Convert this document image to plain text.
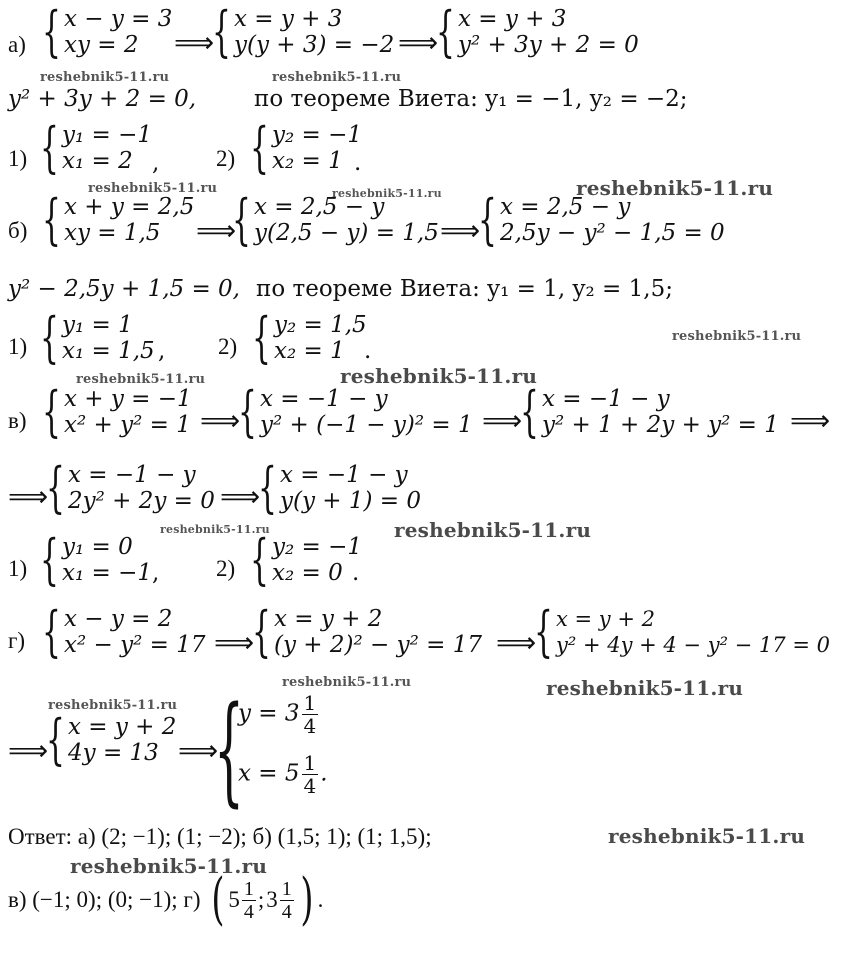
а) { x − y = 3
xy = 2	⟹
{ x = y + 3
y(y + 3) = −2 ⟹
{ x = y + 3
y² + 3y + 2 = 0
reshebnik5-11.ru	reshebnik5-11.ru
y² + 3y + 2 = 0,	по теореме Виета: y₁ = −1, y₂ = −2;
1) { y₁ = −1
x₁ = 2 , 2) { y₂ = −1
x₂ = 1 .
reshebnik5-11.ru	reshebnik5-11.ru	reshebnik5-11.ru
б) { x + y = 2,5
xy = 1,5	⟹
{ x = 2,5 − y
y(2,5 − y) = 1,5 ⟹
{ x = 2,5 − y
2,5y − y² − 1,5 = 0
y² − 2,5y + 1,5 = 0, по теореме Виета: y₁ = 1, y₂ = 1,5;
1) { y₁ = 1
x₁ = 1,5 , 2) { y₂ = 1,5
x₂ = 1 .
reshebnik5-11.ru
reshebnik5-11.ru	reshebnik5-11.ru
в) { x + y = −1
x² + y² = 1 ⟹
{ x = −1 − y
y² + (−1 − y)² = 1 ⟹
{ x = −1 − y
y² + 1 + 2y + y² = 1 ⟹
⟹
{ x = −1 − y
2y² + 2y = 0 ⟹
{ x = −1 − y
y(y + 1) = 0
reshebnik5-11.ru	reshebnik5-11.ru
1) { y₁ = 0
x₁ = −1 , 2) { y₂ = −1
x₂ = 0 .
г) { x − y = 2
x² − y² = 17 ⟹
{ x = y + 2
(y + 2)² − y² = 17 ⟹
{ x = y + 2
y² + 4y + 4 − y² − 17 = 0
reshebnik5-11.ru	reshebnik5-11.ru
reshebnik5-11.ru
⟹
{ x = y + 2
4y = 13 ⟹
{
$y = 3 \frac{1}{4}$
$x = 5 \frac{1}{4}$ .
Ответ: а) (2; −1); (1; −2); б) (1,5; 1); (1; 1,5);	reshebnik5-11.ru
reshebnik5-11.ru
в) (−1; 0); (0; −1); г) ( $5 \frac{1}{4}$ ; $3 \frac{1}{4}$ ) .
